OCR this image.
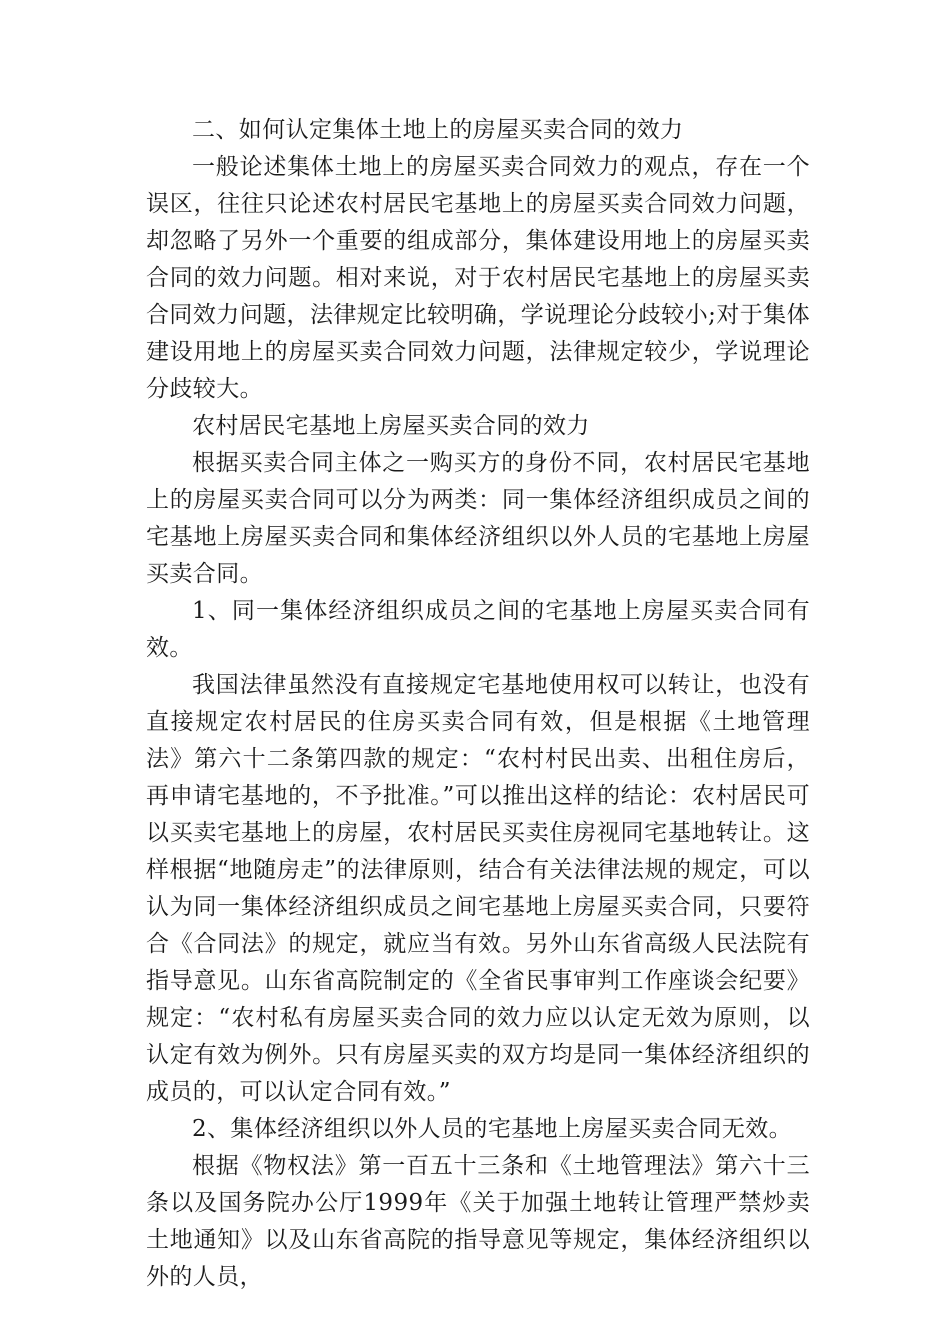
二、如何认定集体土地上的房屋买卖合同的效力

一般论述集体土地上的房屋买卖合同效力的观点，存在一个误区，往往只论述农村居民宅基地上的房屋买卖合同效力问题，却忽略了另外一个重要的组成部分，集体建设用地上的房屋买卖合同的效力问题。相对来说，对于农村居民宅基地上的房屋买卖合同效力问题，法律规定比较明确，学说理论分歧较小;对于集体建设用地上的房屋买卖合同效力问题，法律规定较少，学说理论分歧较大。

农村居民宅基地上房屋买卖合同的效力

根据买卖合同主体之一购买方的身份不同，农村居民宅基地上的房屋买卖合同可以分为两类：同一集体经济组织成员之间的宅基地上房屋买卖合同和集体经济组织以外人员的宅基地上房屋买卖合同。

1、同一集体经济组织成员之间的宅基地上房屋买卖合同有效。

我国法律虽然没有直接规定宅基地使用权可以转让，也没有直接规定农村居民的住房买卖合同有效，但是根据《土地管理法》第六十二条第四款的规定：“农村村民出卖、出租住房后，再申请宅基地的，不予批准。”可以推出这样的结论：农村居民可以买卖宅基地上的房屋，农村居民买卖住房视同宅基地转让。这样根据“地随房走”的法律原则，结合有关法律法规的规定，可以认为同一集体经济组织成员之间宅基地上房屋买卖合同，只要符合《合同法》的规定，就应当有效。另外山东省高级人民法院有指导意见。山东省高院制定的《全省民事审判工作座谈会纪要》规定：“农村私有房屋买卖合同的效力应以认定无效为原则，以认定有效为例外。只有房屋买卖的双方均是同一集体经济组织的成员的，可以认定合同有效。”

2、集体经济组织以外人员的宅基地上房屋买卖合同无效。

根据《物权法》第一百五十三条和《土地管理法》第六十三条以及国务院办公厅1999年《关于加强土地转让管理严禁炒卖土地通知》以及山东省高院的指导意见等规定，集体经济组织以外的人员，
